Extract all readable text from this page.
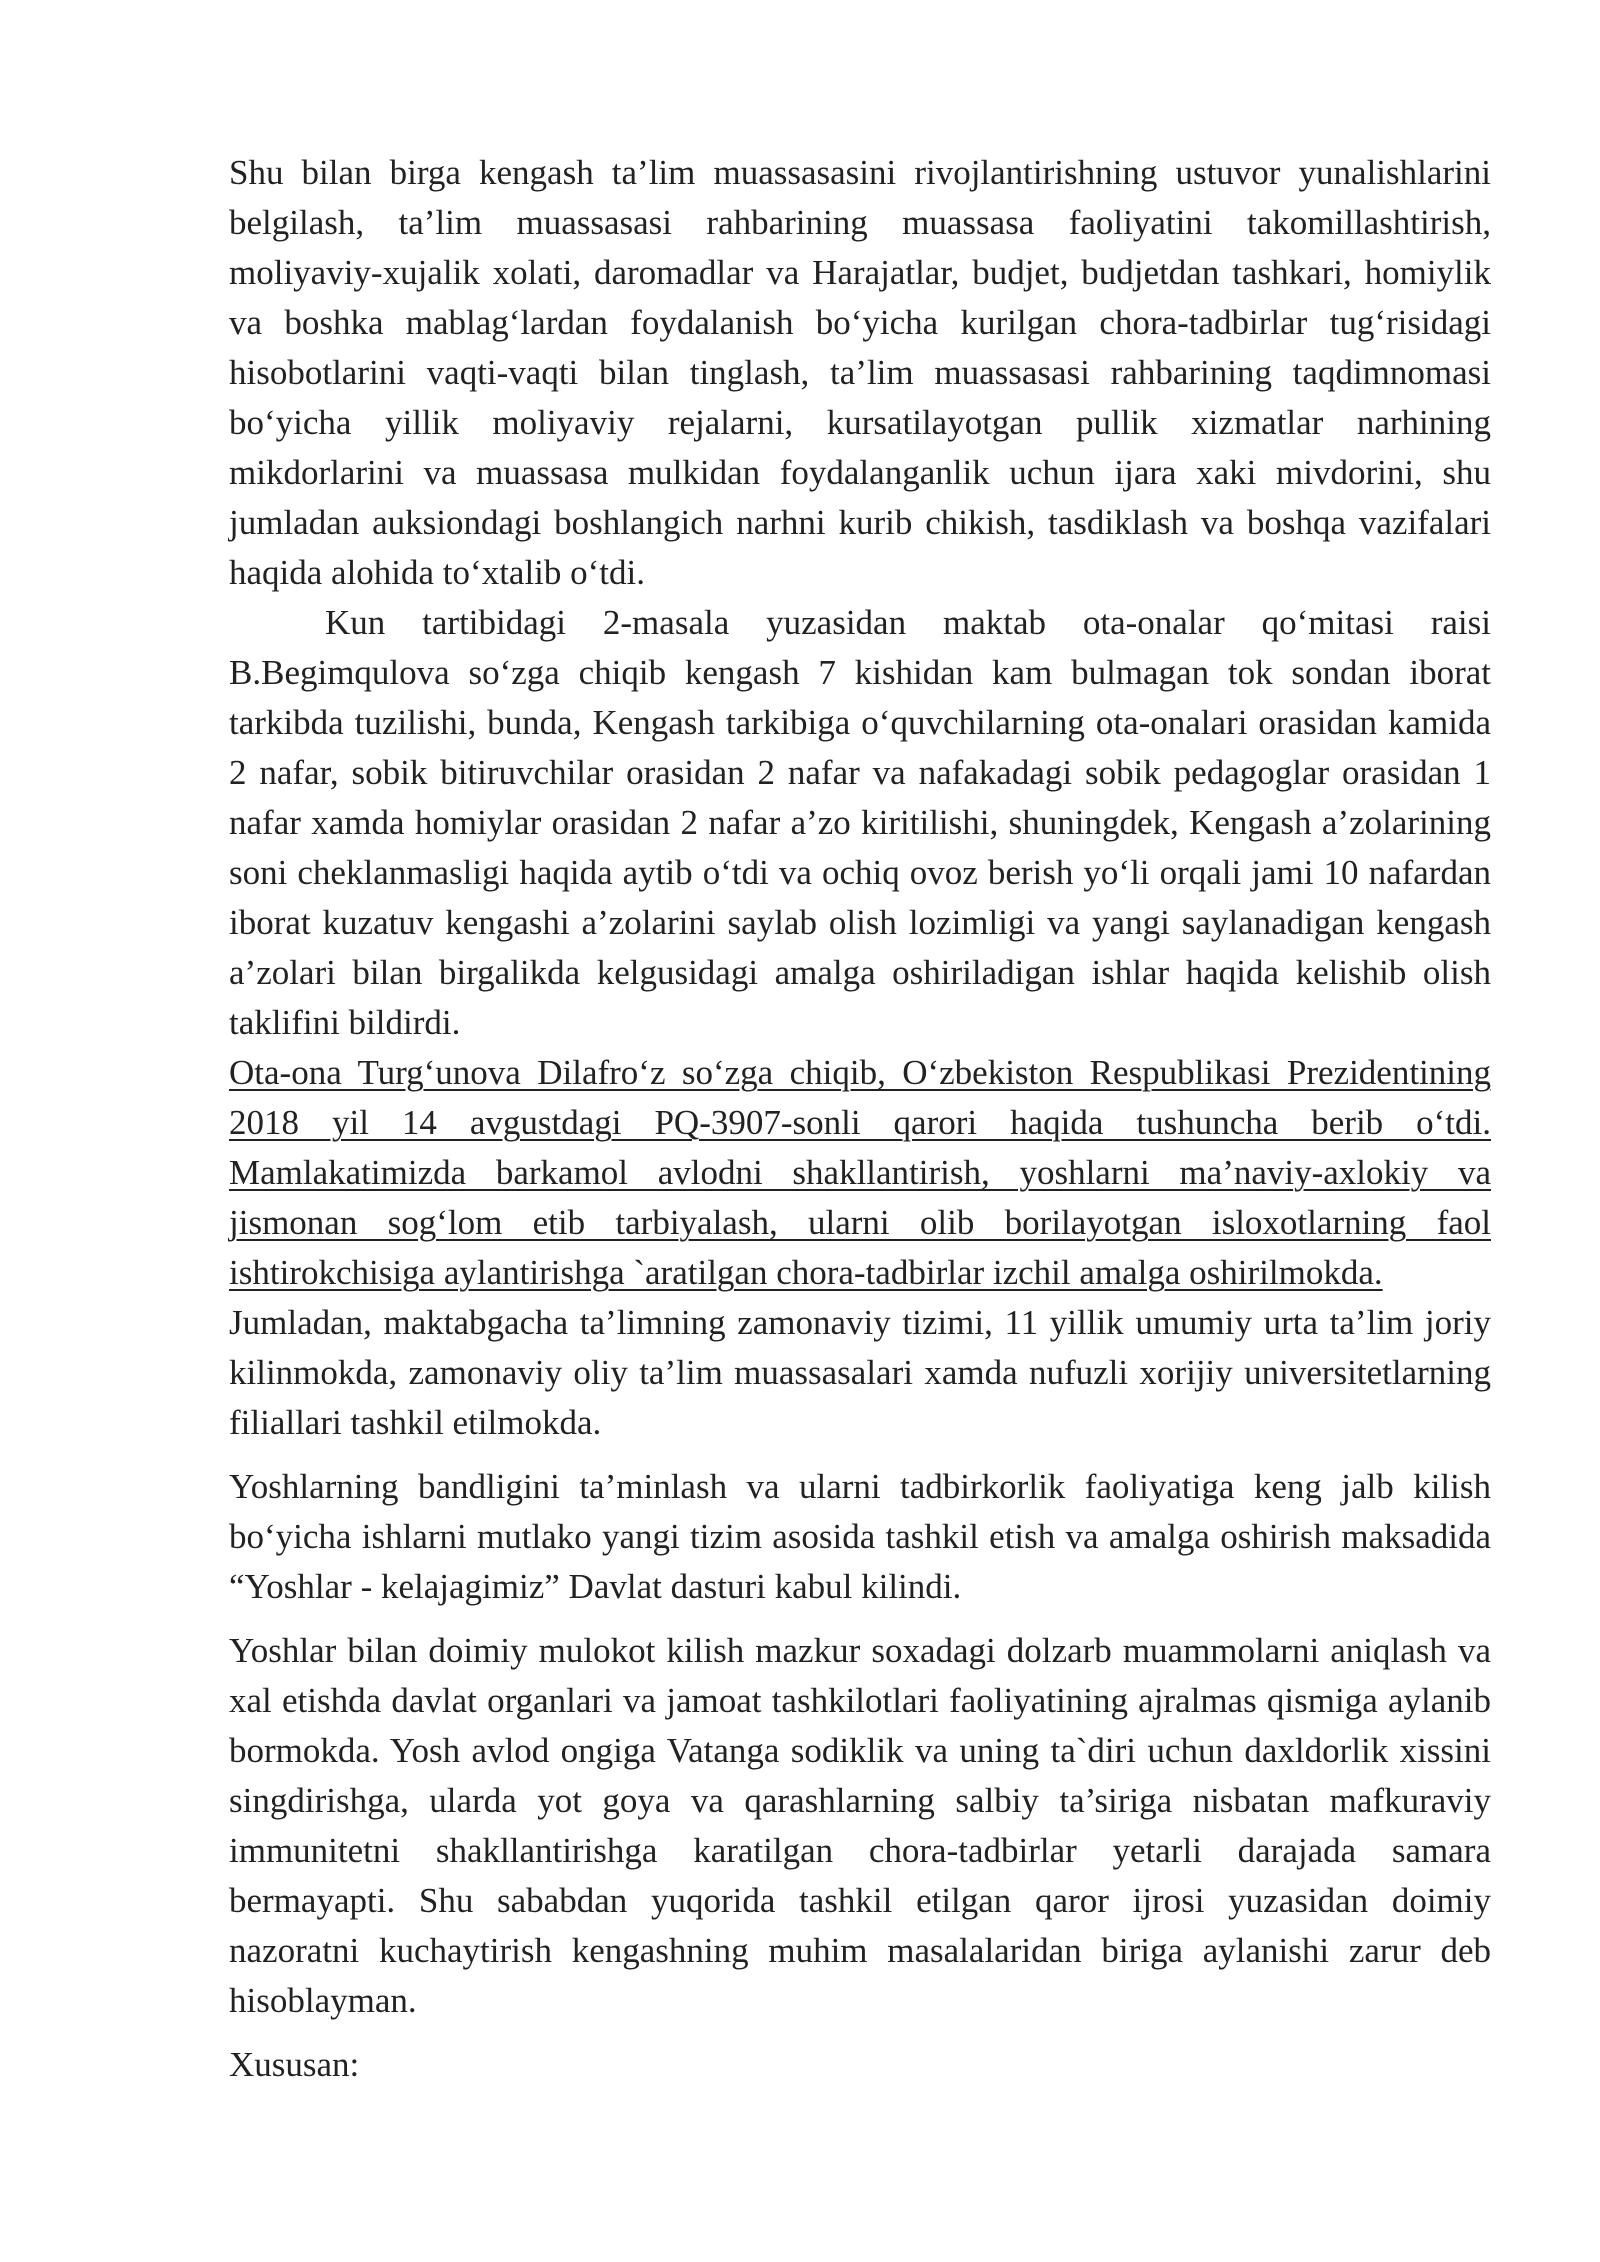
Shu bilan birga kengash ta’lim muassasasini rivojlantirishning ustuvor yunalishlarini belgilash, ta’lim muassasasi rahbarining muassasa faoliyatini takomillashtirish, moliyaviy-xujalik xolati, daromadlar va Harajatlar, budjet, budjetdan tashkari, homiylik va boshka mablag‘lardan foydalanish bo‘yicha kurilgan chora-tadbirlar tug‘risidagi hisobotlarini vaqti-vaqti bilan tinglash, ta’lim muassasasi rahbarining taqdimnomasi bo‘yicha yillik moliyaviy rejalarni, kursatilayotgan pullik xizmatlar narhining mikdorlarini va muassasa mulkidan foydalanganlik uchun ijara xaki mivdorini, shu jumladan auksiondagi boshlangich narhni kurib chikish, tasdiklash va boshqa vazifalari haqida alohida to‘xtalib o‘tdi.

Kun tartibidagi 2-masala yuzasidan maktab ota-onalar qo‘mitasi raisi B.Begimqulova so‘zga chiqib kengash 7 kishidan kam bulmagan tok sondan iborat tarkibda tuzilishi, bunda, Kengash tarkibiga o‘quvchilarning ota-onalari orasidan kamida 2 nafar, sobik bitiruvchilar orasidan 2 nafar va nafakadagi sobik pedagoglar orasidan 1 nafar xamda homiylar orasidan 2 nafar a’zo kiritilishi, shuningdek, Kengash a’zolarining soni cheklanmasligi haqida aytib o‘tdi va ochiq ovoz berish yo‘li orqali jami 10 nafardan iborat kuzatuv kengashi a’zolarini saylab olish lozimligi va yangi saylanadigan kengash a’zolari bilan birgalikda kelgusidagi amalga oshiriladigan ishlar haqida kelishib olish taklifini bildirdi.

Ota-ona Turg‘unova Dilafro‘z so‘zga chiqib, O‘zbekiston Respublikasi Prezidentining 2018 yil 14 avgustdagi PQ-3907-sonli qarori haqida tushuncha berib o‘tdi. Mamlakatimizda barkamol avlodni shakllantirish, yoshlarni ma’naviy-axlokiy va jismonan sog‘lom etib tarbiyalash, ularni olib borilayotgan isloxotlarning faol ishtirokchisiga aylantirishga `aratilgan chora-tadbirlar izchil amalga oshirilmokda.

Jumladan, maktabgacha ta’limning zamonaviy tizimi, 11 yillik umumiy urta ta’lim joriy kilinmokda, zamonaviy oliy ta’lim muassasalari xamda nufuzli xorijiy universitetlarning filiallari tashkil etilmokda.

Yoshlarning bandligini ta’minlash va ularni tadbirkorlik faoliyatiga keng jalb kilish bo‘yicha ishlarni mutlako yangi tizim asosida tashkil etish va amalga oshirish maksadida “Yoshlar - kelajagimiz” Davlat dasturi kabul kilindi.

Yoshlar bilan doimiy mulokot kilish mazkur soxadagi dolzarb muammolarni aniqlash va xal etishda davlat organlari va jamoat tashkilotlari faoliyatining ajralmas qismiga aylanib bormokda. Yosh avlod ongiga Vatanga sodiklik va uning ta`diri uchun daxldorlik xissini singdirishga, ularda yot goya va qarashlarning salbiy ta’siriga nisbatan mafkuraviy immunitetni shakllantirishga karatilgan chora-tadbirlar yetarli darajada samara bermayapti. Shu sababdan yuqorida tashkil etilgan qaror ijrosi yuzasidan doimiy nazoratni kuchaytirish kengashning muhim masalalaridan biriga aylanishi zarur deb hisoblayman.

Xususan:
